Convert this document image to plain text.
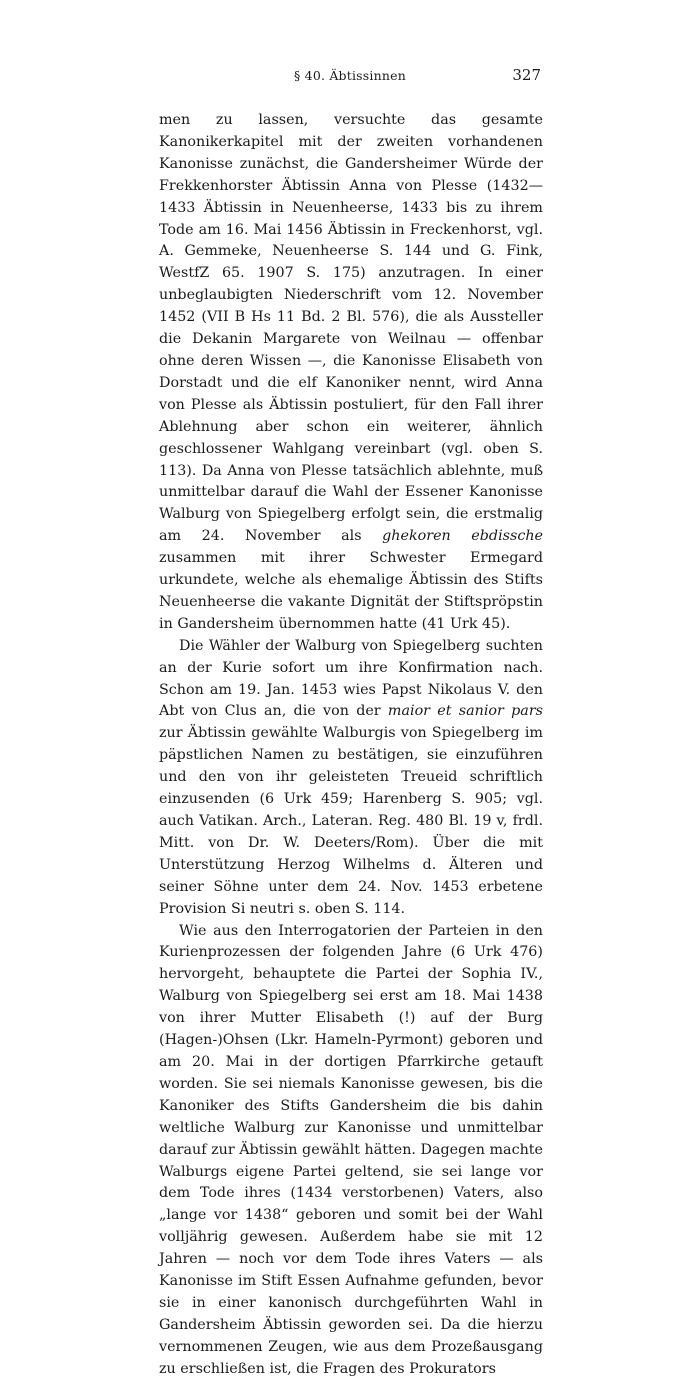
§ 40. Äbtissinnen	327

men zu lassen, versuchte das gesamte Kanonikerkapitel mit der zweiten vorhandenen Kanonisse zunächst, die Gandersheimer Würde der Frekkenhorster Äbtissin Anna von Plesse (1432—1433 Äbtissin in Neuenheerse, 1433 bis zu ihrem Tode am 16. Mai 1456 Äbtissin in Freckenhorst, vgl. A. Gemmeke, Neuenheerse S. 144 und G. Fink, WestfZ 65. 1907 S. 175) anzutragen. In einer unbeglaubigten Niederschrift vom 12. November 1452 (VII B Hs 11 Bd. 2 Bl. 576), die als Aussteller die Dekanin Margarete von Weilnau — offenbar ohne deren Wissen —, die Kanonisse Elisabeth von Dorstadt und die elf Kanoniker nennt, wird Anna von Plesse als Äbtissin postuliert, für den Fall ihrer Ablehnung aber schon ein weiterer, ähnlich geschlossener Wahlgang vereinbart (vgl. oben S. 113). Da Anna von Plesse tatsächlich ablehnte, muß unmittelbar darauf die Wahl der Essener Kanonisse Walburg von Spiegelberg erfolgt sein, die erstmalig am 24. November als ghekoren ebdissche zusammen mit ihrer Schwester Ermegard urkundete, welche als ehemalige Äbtissin des Stifts Neuenheerse die vakante Dignität der Stiftspröpstin in Gandersheim übernommen hatte (41 Urk 45).

Die Wähler der Walburg von Spiegelberg suchten an der Kurie sofort um ihre Konfirmation nach. Schon am 19. Jan. 1453 wies Papst Nikolaus V. den Abt von Clus an, die von der maior et sanior pars zur Äbtissin gewählte Walburgis von Spiegelberg im päpstlichen Namen zu bestätigen, sie einzuführen und den von ihr geleisteten Treueid schriftlich einzusenden (6 Urk 459; Harenberg S. 905; vgl. auch Vatikan. Arch., Lateran. Reg. 480 Bl. 19 v, frdl. Mitt. von Dr. W. Deeters/Rom). Über die mit Unterstützung Herzog Wilhelms d. Älteren und seiner Söhne unter dem 24. Nov. 1453 erbetene Provision Si neutri s. oben S. 114.

Wie aus den Interrogatorien der Parteien in den Kurienprozessen der folgenden Jahre (6 Urk 476) hervorgeht, behauptete die Partei der Sophia IV., Walburg von Spiegelberg sei erst am 18. Mai 1438 von ihrer Mutter Elisabeth (!) auf der Burg (Hagen-)Ohsen (Lkr. Hameln-Pyrmont) geboren und am 20. Mai in der dortigen Pfarrkirche getauft worden. Sie sei niemals Kanonisse gewesen, bis die Kanoniker des Stifts Gandersheim die bis dahin weltliche Walburg zur Kanonisse und unmittelbar darauf zur Äbtissin gewählt hätten. Dagegen machte Walburgs eigene Partei geltend, sie sei lange vor dem Tode ihres (1434 verstorbenen) Vaters, also „lange vor 1438“ geboren und somit bei der Wahl volljährig gewesen. Außerdem habe sie mit 12 Jahren — noch vor dem Tode ihres Vaters — als Kanonisse im Stift Essen Aufnahme gefunden, bevor sie in einer kanonisch durchgeführten Wahl in Gandersheim Äbtissin geworden sei. Da die hierzu vernommenen Zeugen, wie aus dem Prozeßausgang zu erschließen ist, die Fragen des Prokurators
